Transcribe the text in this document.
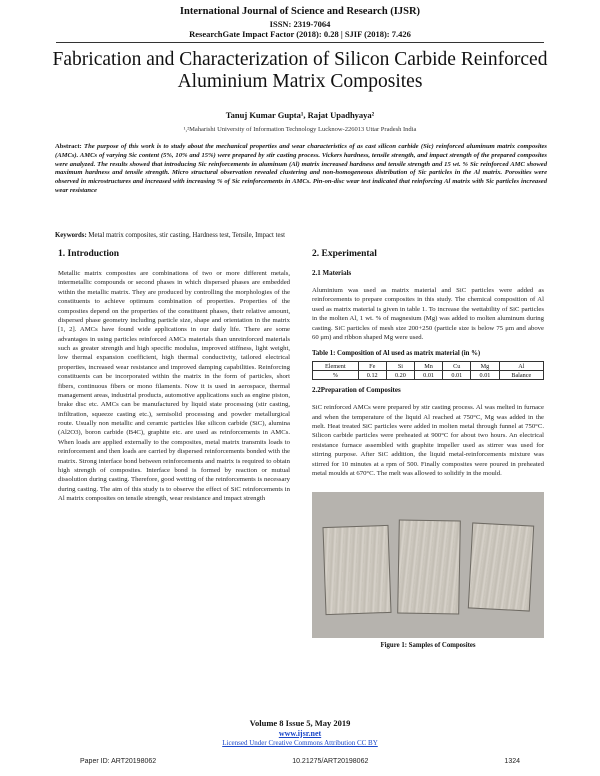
International Journal of Science and Research (IJSR)
ISSN: 2319-7064
ResearchGate Impact Factor (2018): 0.28 | SJIF (2018): 7.426
Fabrication and Characterization of Silicon Carbide Reinforced Aluminium Matrix Composites
Tanuj Kumar Gupta¹, Rajat Upadhyaya²
¹,²Maharishi University of Information Technology Lucknow-226013 Uttar Pradesh India
Abstract: The purpose of this work is to study about the mechanical properties and wear characteristics of as cast silicon carbide (Sic) reinforced aluminum matrix composites (AMCs). AMCs of varying Sic content (5%, 10% and 15%) were prepared by stir casting process. Vickers hardness, tensile strength, and impact strength of the prepared composites were analyzed. The results showed that introducing Sic reinforcements in aluminum (Al) matrix increased hardness and tensile strength and 15 wt. % Sic reinforced AMC showed maximum hardness and tensile strength. Micro structural observation revealed clustering and non-homogeneous distribution of Sic particles in the Al matrix. Porosities were observed in microstructures and increased with increasing % of Sic reinforcements in AMCs. Pin-on-disc wear test indicated that reinforcing Al matrix with Sic particles increased wear resistance
Keywords: Metal matrix composites, stir casting, Hardness test, Tensile, Impact test
1. Introduction

Metallic matrix composites are combinations of two or more different metals, intermetallic compounds or second phases in which dispersed phases are embedded within the metallic matrix. They are produced by controlling the morphologies of the constituents to achieve optimum combination of properties. Properties of the composites depend on the properties of the constituent phases, their relative amount, dispersed phase geometry including particle size, shape and orientation in the matrix [1, 2]. AMCs have found wide applications in our daily life. There are some advantages in using particles reinforced AMCs materials than unreinforced materials such as greater strength and high specific modulus, improved stiffness, light weight, low thermal expansion coefficient, high thermal conductivity, tailored electrical properties, increased wear resistance and improved damping capabilities. Reinforcing constituents can be incorporated within the matrix in the form of particles, short fibers, continuous fibers or mono filaments. Now it is used in aerospace, thermal management areas, industrial products, automotive applications such as engine piston, brake disc etc. AMCs can be manufactured by liquid state processing (stir casting, infiltration, squeeze casting etc.), semisolid processing and powder metallurgical route. Usually non metallic and ceramic particles like silicon carbide (SiC), alumina (Al2O3), boron carbide (B4C), graphite etc. are used as reinforcements in AMCs. When loads are applied externally to the composites, metal matrix transmits loads to reinforcement and then loads are carried by dispersed reinforcements bonded with the matrix. Strong interface bond between reinforcements and matrix is required to obtain high strength of composites. Interface bond is formed by reaction or mutual dissolution during casting. Therefore, good wetting of the reinforcements is necessary during casting. The aim of this study is to observe the effect of SiC reinforcements in Al matrix composites on tensile strength, wear resistance and impact strength

2. Experimental
2.1 Materials

Aluminium was used as matrix material and SiC particles were added as reinforcements to prepare composites in this study. The chemical composition of Al used as matrix material is given in table 1. To increase the wettability of SiC particles in the molten Al, 1 wt. % of magnesium (Mg) was added to molten aluminum during casting. SiC particles of mesh size 200+250 (particle size is below 75 μm and above 60 μm) and ribbon shaped Mg were used.

Table 1: Composition of Al used as matrix material (in %)
Element	Fe	Si	Mn	Cu	Mg	Al
%	0.12	0.20	0.01	0.01	0.01	Balance
2.2Preparation of Composites

SiC reinforced AMCs were prepared by stir casting process. Al was melted in furnace and when the temperature of the liquid Al reached at 750°C, Mg was added in the melt. Heat treated SiC particles were added in molten metal through funnel at 750°C. Silicon carbide particles were preheated at 900°C for about two hours. An electrical resistance furnace assembled with graphite impeller used as stirrer was used for stirring purpose. After SiC addition, the liquid metal-reinforcements mixture was stirred for 10 minutes at a rpm of 500. Finally composites were poured in preheated metal moulds at 670°C. The melt was allowed to solidify in the mould.

Figure 1: Samples of Composites
Volume 8 Issue 5, May 2019
www.ijsr.net
Licensed Under Creative Commons Attribution CC BY
Paper ID: ART20198062	10.21275/ART20198062	1324
